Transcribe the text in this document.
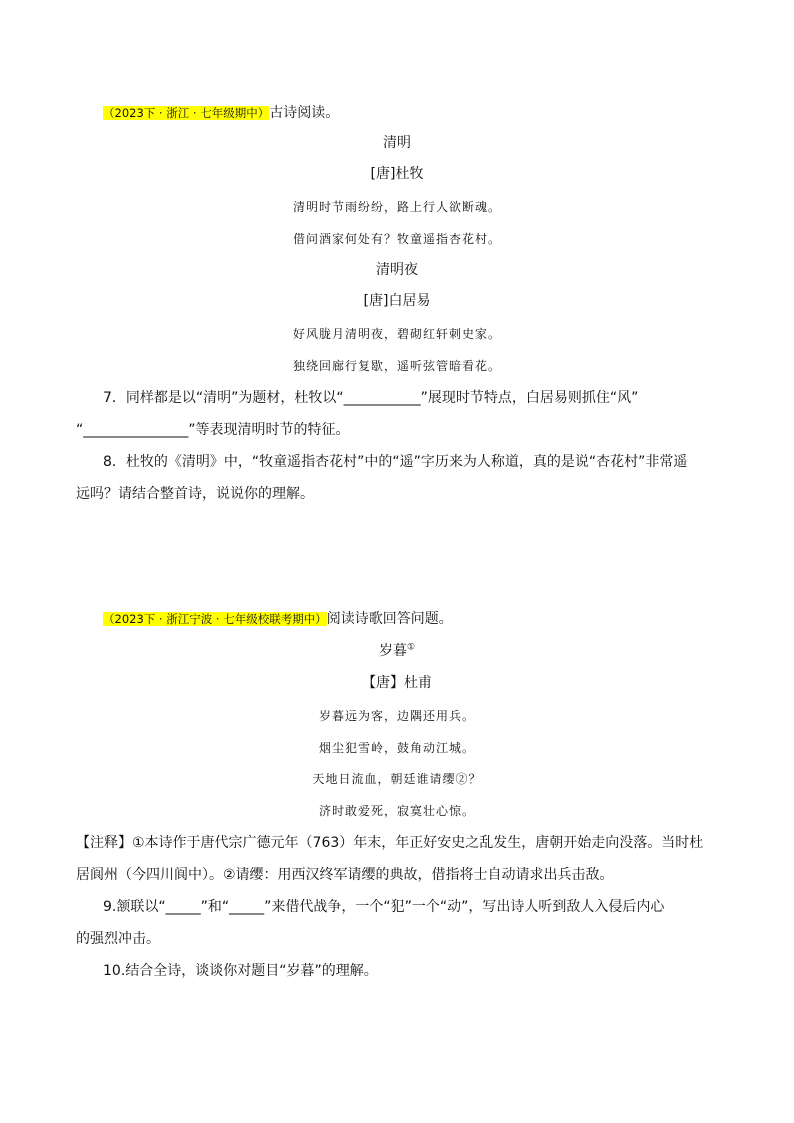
（2023下 · 浙江 · 七年级期中）古诗阅读。
清明
[唐]杜牧
清明时节雨纷纷，路上行人欲断魂。
借问酒家何处有？牧童遥指杏花村。
清明夜
[唐]白居易
好风胧月清明夜，碧砌红轩刺史家。
独绕回廊行复歇，遥听弦管暗看花。
7．同样都是以“清明”为题材，杜牧以“___________”展现时节特点，白居易则抓住“风”
“_______________”等表现清明时节的特征。
8．杜牧的《清明》中，“牧童遥指杏花村”中的“遥”字历来为人称道，真的是说“杏花村”非常遥
远吗？请结合整首诗，说说你的理解。
（2023下 · 浙江宁波 · 七年级校联考期中）阅读诗歌回答问题。
岁暮①
【唐】杜甫
岁暮远为客，边隅还用兵。
烟尘犯雪岭，鼓角动江城。
天地日流血，朝廷谁请缨②？
济时敢爱死，寂寞壮心惊。
【注释】①本诗作于唐代宗广德元年（763）年末，年正好安史之乱发生，唐朝开始走向没落。当时杜
居阆州（今四川阆中）。②请缨：用西汉终军请缨的典故，借指将士自动请求出兵击敌。
9.颔联以“_____”和“_____”来借代战争，一个“犯”一个“动”，写出诗人听到敌人入侵后内心
的强烈冲击。
10.结合全诗，谈谈你对题目“岁暮”的理解。
